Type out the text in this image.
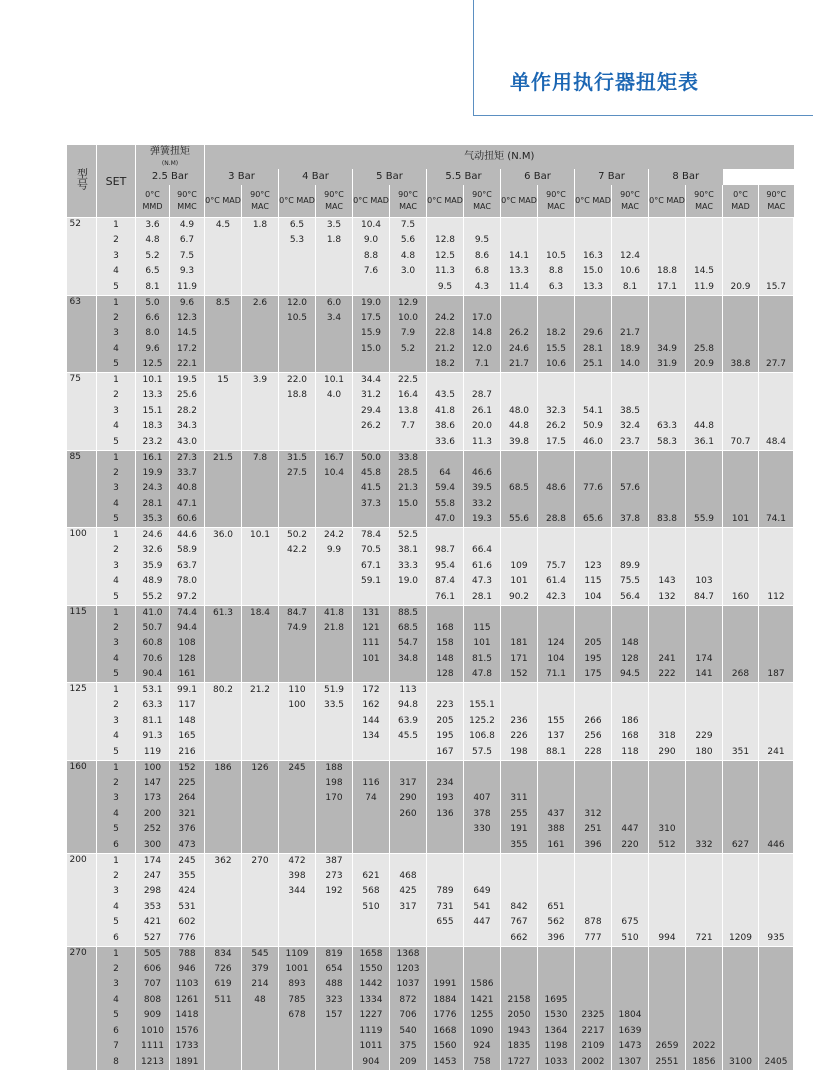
单作用执行器扭矩表
型号	SET	弹簧扭矩
(N.M)		气动扭矩 (N.M)															
		2.5 Bar		3 Bar		4 Bar		5 Bar		5.5 Bar		6 Bar		7 Bar		8 Bar			
		0°C MMD	90°C MMC	0°C MAD	90°C MAC	0°C MAD	90°C MAC	0°C MAD	90°C MAC	0°C MAD	90°C MAC	0°C MAD	90°C MAC	0°C MAD	90°C MAC	0°C MAD	90°C MAC	0°C MAD	90°C MAC
52	1	3.6	4.9	4.5	1.8	6.5	3.5	10.4	7.5										
	2	4.8	6.7			5.3	1.8	9.0	5.6	12.8	9.5								
	3	5.2	7.5					8.8	4.8	12.5	8.6	14.1	10.5	16.3	12.4				
	4	6.5	9.3					7.6	3.0	11.3	6.8	13.3	8.8	15.0	10.6	18.8	14.5		
	5	8.1	11.9							9.5	4.3	11.4	6.3	13.3	8.1	17.1	11.9	20.9	15.7
63	1	5.0	9.6	8.5	2.6	12.0	6.0	19.0	12.9										
	2	6.6	12.3			10.5	3.4	17.5	10.0	24.2	17.0								
	3	8.0	14.5					15.9	7.9	22.8	14.8	26.2	18.2	29.6	21.7				
	4	9.6	17.2					15.0	5.2	21.2	12.0	24.6	15.5	28.1	18.9	34.9	25.8		
	5	12.5	22.1							18.2	7.1	21.7	10.6	25.1	14.0	31.9	20.9	38.8	27.7
75	1	10.1	19.5	15	3.9	22.0	10.1	34.4	22.5										
	2	13.3	25.6			18.8	4.0	31.2	16.4	43.5	28.7								
	3	15.1	28.2					29.4	13.8	41.8	26.1	48.0	32.3	54.1	38.5				
	4	18.3	34.3					26.2	7.7	38.6	20.0	44.8	26.2	50.9	32.4	63.3	44.8		
	5	23.2	43.0							33.6	11.3	39.8	17.5	46.0	23.7	58.3	36.1	70.7	48.4
85	1	16.1	27.3	21.5	7.8	31.5	16.7	50.0	33.8										
	2	19.9	33.7			27.5	10.4	45.8	28.5	64	46.6								
	3	24.3	40.8					41.5	21.3	59.4	39.5	68.5	48.6	77.6	57.6				
	4	28.1	47.1					37.3	15.0	55.8	33.2								
	5	35.3	60.6							47.0	19.3	55.6	28.8	65.6	37.8	83.8	55.9	101	74.1
100	1	24.6	44.6	36.0	10.1	50.2	24.2	78.4	52.5										
	2	32.6	58.9			42.2	9.9	70.5	38.1	98.7	66.4								
	3	35.9	63.7					67.1	33.3	95.4	61.6	109	75.7	123	89.9				
	4	48.9	78.0					59.1	19.0	87.4	47.3	101	61.4	115	75.5	143	103		
	5	55.2	97.2							76.1	28.1	90.2	42.3	104	56.4	132	84.7	160	112
115	1	41.0	74.4	61.3	18.4	84.7	41.8	131	88.5										
	2	50.7	94.4			74.9	21.8	121	68.5	168	115								
	3	60.8	108					111	54.7	158	101	181	124	205	148				
	4	70.6	128					101	34.8	148	81.5	171	104	195	128	241	174		
	5	90.4	161							128	47.8	152	71.1	175	94.5	222	141	268	187
125	1	53.1	99.1	80.2	21.2	110	51.9	172	113										
	2	63.3	117			100	33.5	162	94.8	223	155.1								
	3	81.1	148					144	63.9	205	125.2	236	155	266	186				
	4	91.3	165					134	45.5	195	106.8	226	137	256	168	318	229		
	5	119	216							167	57.5	198	88.1	228	118	290	180	351	241
160	1	100	152	186	126	245	188												
	2	147	225				198	116	317	234									
	3	173	264				170	74	290	193	407	311							
	4	200	321						260	136	378	255	437	312					
	5	252	376								330	191	388	251	447	310			
	6	300	473									355	161	396	220	512	332	627	446
200	1	174	245	362	270	472	387												
	2	247	355			398	273	621	468										
	3	298	424			344	192	568	425	789	649								
	4	353	531					510	317	731	541	842	651						
	5	421	602							655	447	767	562	878	675				
	6	527	776									662	396	777	510	994	721	1209	935
270	1	505	788	834	545	1109	819	1658	1368										
	2	606	946	726	379	1001	654	1550	1203										
	3	707	1103	619	214	893	488	1442	1037	1991	1586								
	4	808	1261	511	48	785	323	1334	872	1884	1421	2158	1695						
	5	909	1418			678	157	1227	706	1776	1255	2050	1530	2325	1804				
	6	1010	1576					1119	540	1668	1090	1943	1364	2217	1639				
	7	1111	1733					1011	375	1560	924	1835	1198	2109	1473	2659	2022		
	8	1213	1891					904	209	1453	758	1727	1033	2002	1307	2551	1856	3100	2405
